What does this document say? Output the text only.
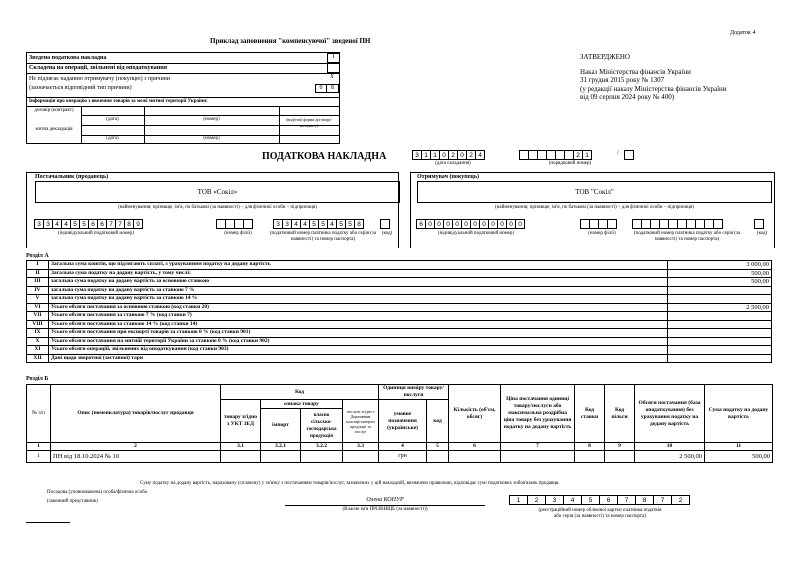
Додаток 4
Приклад заповнення "компенсуючої" зведеної ПН
ЗАТВЕРДЖЕНО
Наказ Міністерства фінансів України
31 грудня 2015 року № 1307
(у редакції наказу Міністерства фінансів України
від 09 серпня 2024 року № 400)
Зведена податкова накладна	1
Складена на операції, звільнені від оподаткування
Не підлягає наданню отримувачу (покупцю) з причини	X
(зазначається відповідний тип причини)	0	8
Інформація про операцію з ввезення товарів за межі митної території України:
договір (контракт)
митна декларація
(дата)	(номер)	(вид(тип) форми договору/контракту)
(дата)	(номер)
ПОДАТКОВА НАКЛАДНА	3 1 1 0 2 0 2 4
(дата складання)
2 1	/
(порядковий номер)
Постачальник (продавець)
ТОВ «Сокіл»
(найменування; прізвище, ім'я, по батькові (за наявності) – для фізичної особи – підприємця)
3 3 4 4 5 5 6 6 7 7 8 9
(індивідуальний податковий номер)	(номер філії)
3 3 4 4 5 5 4 5 5 8
(податковий номер платника податку або серія (за наявності) та номер паспорта)
(код)
Отримувач (покупець)
ТОВ "Сокіл"
(найменування; прізвище, ім'я, по батькові (за наявності) – для фізичної особи – підприємця)
6 0 0 0 0 0 0 0 0 0 0 0
(індивідуальний податковий номер)	(номер філії)	(податковий номер платника податку або серія (за наявності) та номер паспорта)
(код)
Розділ А
I	Загальна сума коштів, що підлягають сплаті, з урахуванням податку на додану вартість	3 000,00
II	Загальна сума податку на додану вартість, у тому числі:	500,00
III	загальна сума податку на додану вартість за основною ставкою	500,00
IV	загальна сума податку на додану вартість за ставкою 7 %	
V	загальна сума податку на додану вартість за ставкою 14 %	
VI	Усього обсяги постачання за основною ставкою (код ставки 20)	2 500,00
VII	Усього обсяги постачання за ставкою 7 % (код ставки 7)	
VIII	Усього обсяги постачання за ставкою 14 % (код ставки 14)	
IX	Усього обсяги постачання при експорті товарів за ставкою 0 % (код ставки 901)	
X	Усього обсяги постачання на митній території України за ставкою 0 % (код ставки 902)	
XI	Усього обсяги операцій, звільнених від оподаткування (код ставки 903)	
XII	Дані щодо зворотної (заставної) тари	
Розділ Б
№ з/п	Опис (номенклатура) товарів/послуг продавця	Код				Одиниця виміру товару/послуги		Кількість (об'єм, обсяг)	Ціна постачання одиниці товару/послуги або максимальна роздрібна ціна товару без урахування податку на додану вартість	Код ставки	Код пільги	Обсяги постачання (база оподаткування) без урахування податку на додану вартість	Сума податку на додану вартість
		товару згідно з УКТ ЗЕД	ознака товару		послуги згідно з Державним класифі-катором продукції та послуг	умовне позначення (українське)	код						
			імпорт	власно сільсько-господарська продукція									
1	2	3.1	3.2.1	3.2.2	3.3	4	5	6	7	8	9	10	11
1	ПН від 18.10.2024 № 10					грн						2 500,00	500,00
Суму податку на додану вартість, нараховану (сплачену) у зв'язку з постачанням товарів/послуг, зазначених у цій накладній, визначено правильно, відповідає сумі податкових зобов'язань продавця.
Посадова (уповноважена) особа/фізична особа
(законний представник)	Олена КОНУР
(Власне ім'я ПРІЗВИЩЕ (за наявності))
1	2	3	4	5	6	7	8	7	2
(реєстраційний номер облікової картки платника податків
або серія (за наявності) та номер паспорта)
